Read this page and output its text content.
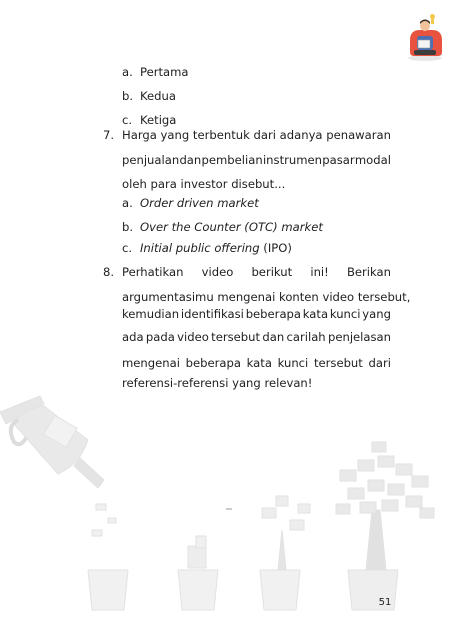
a. Pertama
b. Kedua
c. Ketiga
7. Harga yang terbentuk dari adanya penawaran
penjualan dan pembelian instrumen pasar modal
oleh para investor disebut...
a. Order driven market
b. Over the Counter (OTC) market
c. Initial public offering (IPO)
8. Perhatikan video berikut ini! Berikan
argumentasimu mengenai konten video tersebut,
kemudian identifikasi beberapa kata kunci yang
ada pada video tersebut dan carilah penjelasan
mengenai beberapa kata kunci tersebut dari
referensi-referensi yang relevan!
51
